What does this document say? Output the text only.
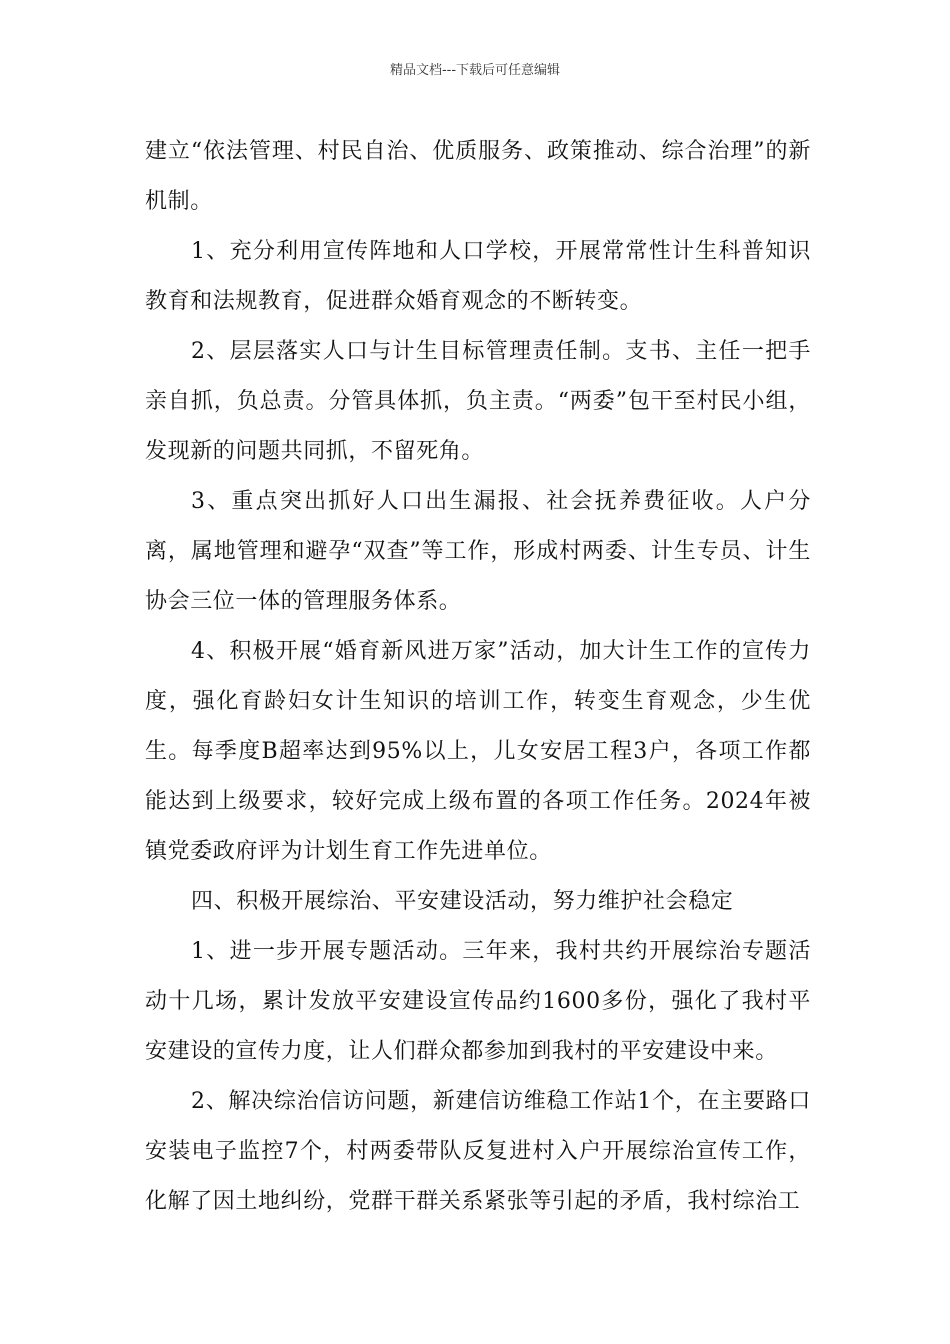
精品文档---下载后可任意编辑

建立“依法管理、村民自治、优质服务、政策推动、综合治理”的新机制。

1、充分利用宣传阵地和人口学校，开展常常性计生科普知识教育和法规教育，促进群众婚育观念的不断转变。

2、层层落实人口与计生目标管理责任制。支书、主任一把手亲自抓，负总责。分管具体抓，负主责。“两委”包干至村民小组，发现新的问题共同抓，不留死角。

3、重点突出抓好人口出生漏报、社会抚养费征收。人户分离，属地管理和避孕“双查”等工作，形成村两委、计生专员、计生协会三位一体的管理服务体系。

4、积极开展“婚育新风进万家”活动，加大计生工作的宣传力度，强化育龄妇女计生知识的培训工作，转变生育观念，少生优生。每季度B超率达到95%以上，儿女安居工程3户，各项工作都能达到上级要求，较好完成上级布置的各项工作任务。2024年被镇党委政府评为计划生育工作先进单位。

四、积极开展综治、平安建设活动，努力维护社会稳定

1、进一步开展专题活动。三年来，我村共约开展综治专题活动十几场，累计发放平安建设宣传品约1600多份，强化了我村平安建设的宣传力度，让人们群众都参加到我村的平安建设中来。

2、解决综治信访问题，新建信访维稳工作站1个，在主要路口安装电子监控7个，村两委带队反复进村入户开展综治宣传工作，化解了因土地纠纷，党群干群关系紧张等引起的矛盾，我村综治工
